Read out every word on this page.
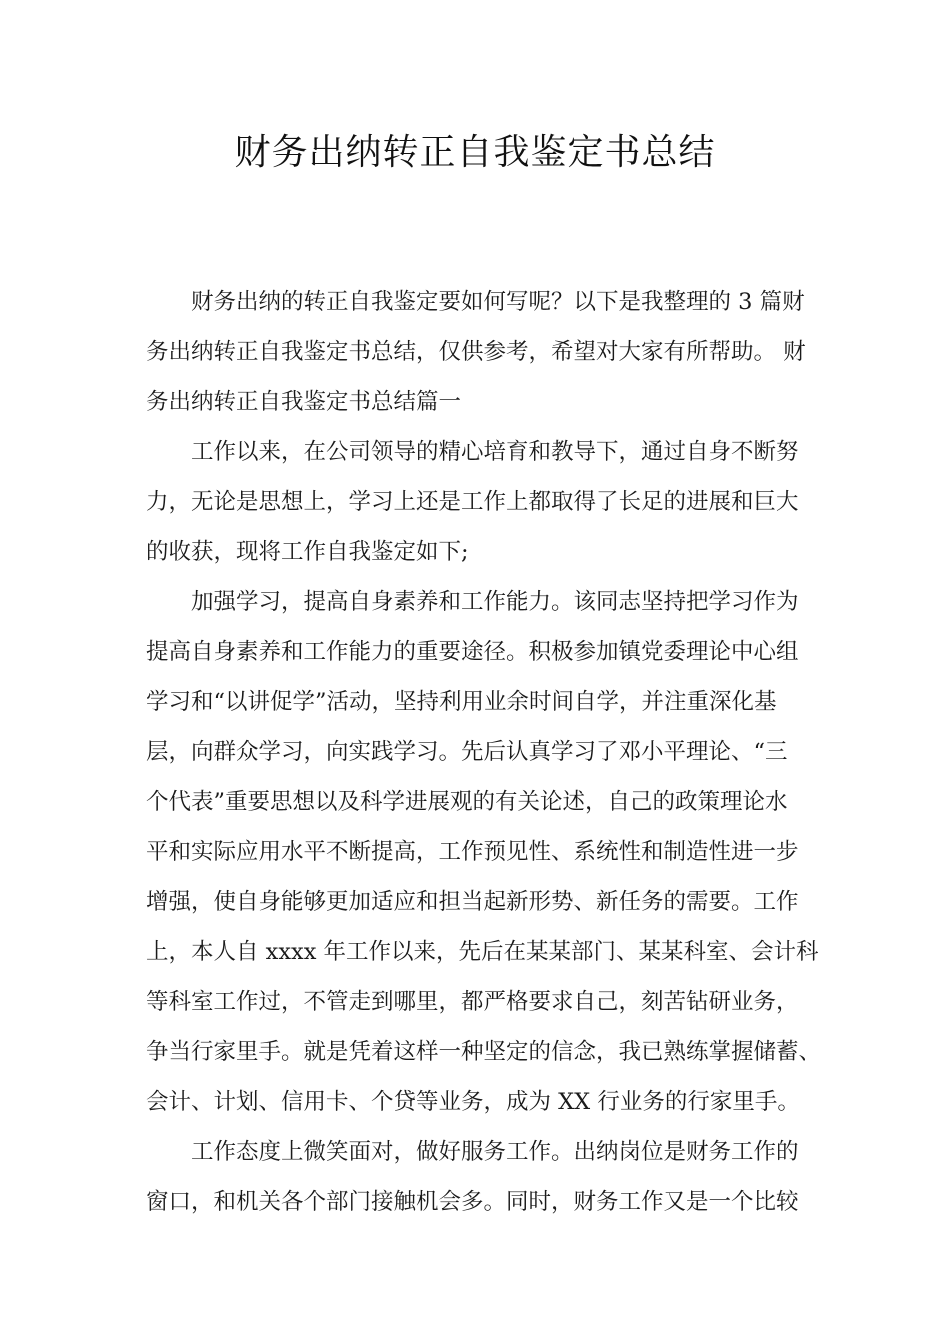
财务出纳转正自我鉴定书总结

　　财务出纳的转正自我鉴定要如何写呢？以下是我整理的 3 篇财

务出纳转正自我鉴定书总结，仅供参考，希望对大家有所帮助。 财

务出纳转正自我鉴定书总结篇一

　　工作以来，在公司领导的精心培育和教导下，通过自身不断努

力，无论是思想上，学习上还是工作上都取得了长足的进展和巨大

的收获，现将工作自我鉴定如下;

　　加强学习，提高自身素养和工作能力。该同志坚持把学习作为

提高自身素养和工作能力的重要途径。积极参加镇党委理论中心组

学习和“以讲促学”活动，坚持利用业余时间自学，并注重深化基

层，向群众学习，向实践学习。先后认真学习了邓小平理论、“三

个代表”重要思想以及科学进展观的有关论述，自己的政策理论水

平和实际应用水平不断提高，工作预见性、系统性和制造性进一步

增强，使自身能够更加适应和担当起新形势、新任务的需要。工作

上，本人自 xxxx 年工作以来，先后在某某部门、某某科室、会计科

等科室工作过，不管走到哪里，都严格要求自己，刻苦钻研业务，

争当行家里手。就是凭着这样一种坚定的信念，我已熟练掌握储蓄、

会计、计划、信用卡、个贷等业务，成为 XX 行业务的行家里手。

　　工作态度上微笑面对，做好服务工作。出纳岗位是财务工作的

窗口，和机关各个部门接触机会多。同时，财务工作又是一个比较
